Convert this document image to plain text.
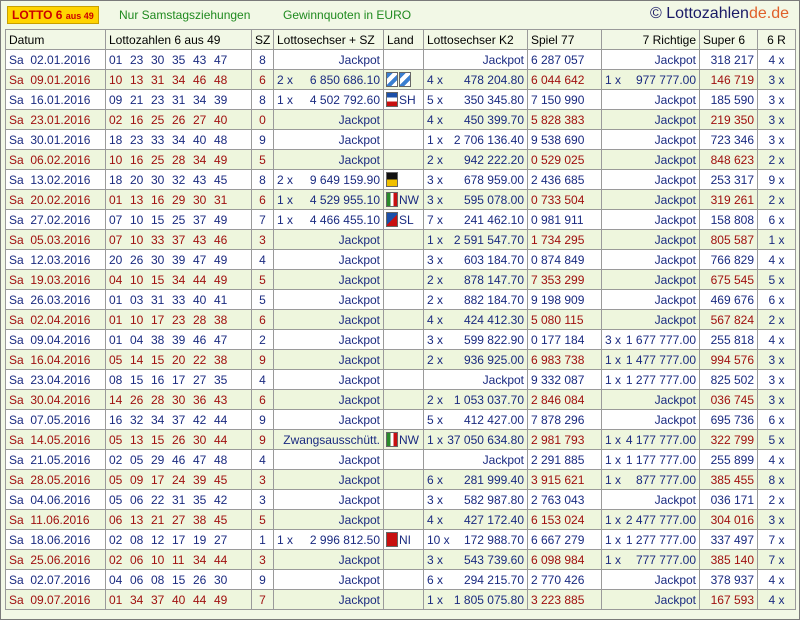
LOTTO 6 aus 49	Nur Samstagsziehungen	Gewinnquoten in EURO	© Lottozahlende.de
Datum	Lottozahlen 6 aus 49	SZ	Lottosechser + SZ	Land	Lottosechser K2	Spiel 77	7 Richtige	Super 6	6 R
Sa 02.01.2016	01 23 30 35 43 47	8	Jackpot		Jackpot	6 287 057	Jackpot	318 217	4 x
Sa 09.01.2016	10 13 31 34 46 48	6	2 x 6 850 686.10		4 x 478 204.80	6 044 642	1 x 977 777.00	146 719	3 x
Sa 16.01.2016	09 21 23 31 34 39	8	1 x 4 502 792.60	SH	5 x 350 345.80	7 150 990	Jackpot	185 590	3 x
Sa 23.01.2016	02 16 25 26 27 40	0	Jackpot		4 x 450 399.70	5 828 383	Jackpot	219 350	3 x
Sa 30.01.2016	18 23 33 34 40 48	9	Jackpot		1 x 2 706 136.40	9 538 690	Jackpot	723 346	3 x
Sa 06.02.2016	10 16 25 28 34 49	5	Jackpot		2 x 942 222.20	0 529 025	Jackpot	848 623	2 x
Sa 13.02.2016	18 20 30 32 43 45	8	2 x 9 649 159.90		3 x 678 959.00	2 436 685	Jackpot	253 317	9 x
Sa 20.02.2016	01 13 16 29 30 31	6	1 x 4 529 955.10	NW	3 x 595 078.00	0 733 504	Jackpot	319 261	2 x
Sa 27.02.2016	07 10 15 25 37 49	7	1 x 4 466 455.10	SL	7 x 241 462.10	0 981 911	Jackpot	158 808	6 x
Sa 05.03.2016	07 10 33 37 43 46	3	Jackpot		1 x 2 591 547.70	1 734 295	Jackpot	805 587	1 x
Sa 12.03.2016	20 26 30 39 47 49	4	Jackpot		3 x 603 184.70	0 874 849	Jackpot	766 829	4 x
Sa 19.03.2016	04 10 15 34 44 49	5	Jackpot		2 x 878 147.70	7 353 299	Jackpot	675 545	5 x
Sa 26.03.2016	01 03 31 33 40 41	5	Jackpot		2 x 882 184.70	9 198 909	Jackpot	469 676	6 x
Sa 02.04.2016	01 10 17 23 28 38	6	Jackpot		4 x 424 412.30	5 080 115	Jackpot	567 824	2 x
Sa 09.04.2016	01 04 38 39 46 47	2	Jackpot		3 x 599 822.90	0 177 184	3 x 1 677 777.00	255 818	4 x
Sa 16.04.2016	05 14 15 20 22 38	9	Jackpot		2 x 936 925.00	6 983 738	1 x 1 477 777.00	994 576	3 x
Sa 23.04.2016	08 15 16 17 27 35	4	Jackpot		Jackpot	9 332 087	1 x 1 277 777.00	825 502	3 x
Sa 30.04.2016	14 26 28 30 36 43	6	Jackpot		2 x 1 053 037.70	2 846 084	Jackpot	036 745	3 x
Sa 07.05.2016	16 32 34 37 42 44	9	Jackpot		5 x 412 427.00	7 878 296	Jackpot	695 736	6 x
Sa 14.05.2016	05 13 15 26 30 44	9	Zwangsausschütt.	NW	1 x 37 050 634.80	2 981 793	1 x 4 177 777.00	322 799	5 x
Sa 21.05.2016	02 05 29 46 47 48	4	Jackpot		Jackpot	2 291 885	1 x 1 177 777.00	255 899	4 x
Sa 28.05.2016	05 09 17 24 39 45	3	Jackpot		6 x 281 999.40	3 915 621	1 x 877 777.00	385 455	8 x
Sa 04.06.2016	05 06 22 31 35 42	3	Jackpot		3 x 582 987.80	2 763 043	Jackpot	036 171	2 x
Sa 11.06.2016	06 13 21 27 38 45	5	Jackpot		4 x 427 172.40	6 153 024	1 x 2 477 777.00	304 016	3 x
Sa 18.06.2016	02 08 12 17 19 27	1	1 x 2 996 812.50	NI	10 x 172 988.70	6 667 279	1 x 1 277 777.00	337 497	7 x
Sa 25.06.2016	02 06 10 11 34 44	3	Jackpot		3 x 543 739.60	6 098 984	1 x 777 777.00	385 140	7 x
Sa 02.07.2016	04 06 08 15 26 30	9	Jackpot		6 x 294 215.70	2 770 426	Jackpot	378 937	4 x
Sa 09.07.2016	01 34 37 40 44 49	7	Jackpot		1 x 1 805 075.80	3 223 885	Jackpot	167 593	4 x
